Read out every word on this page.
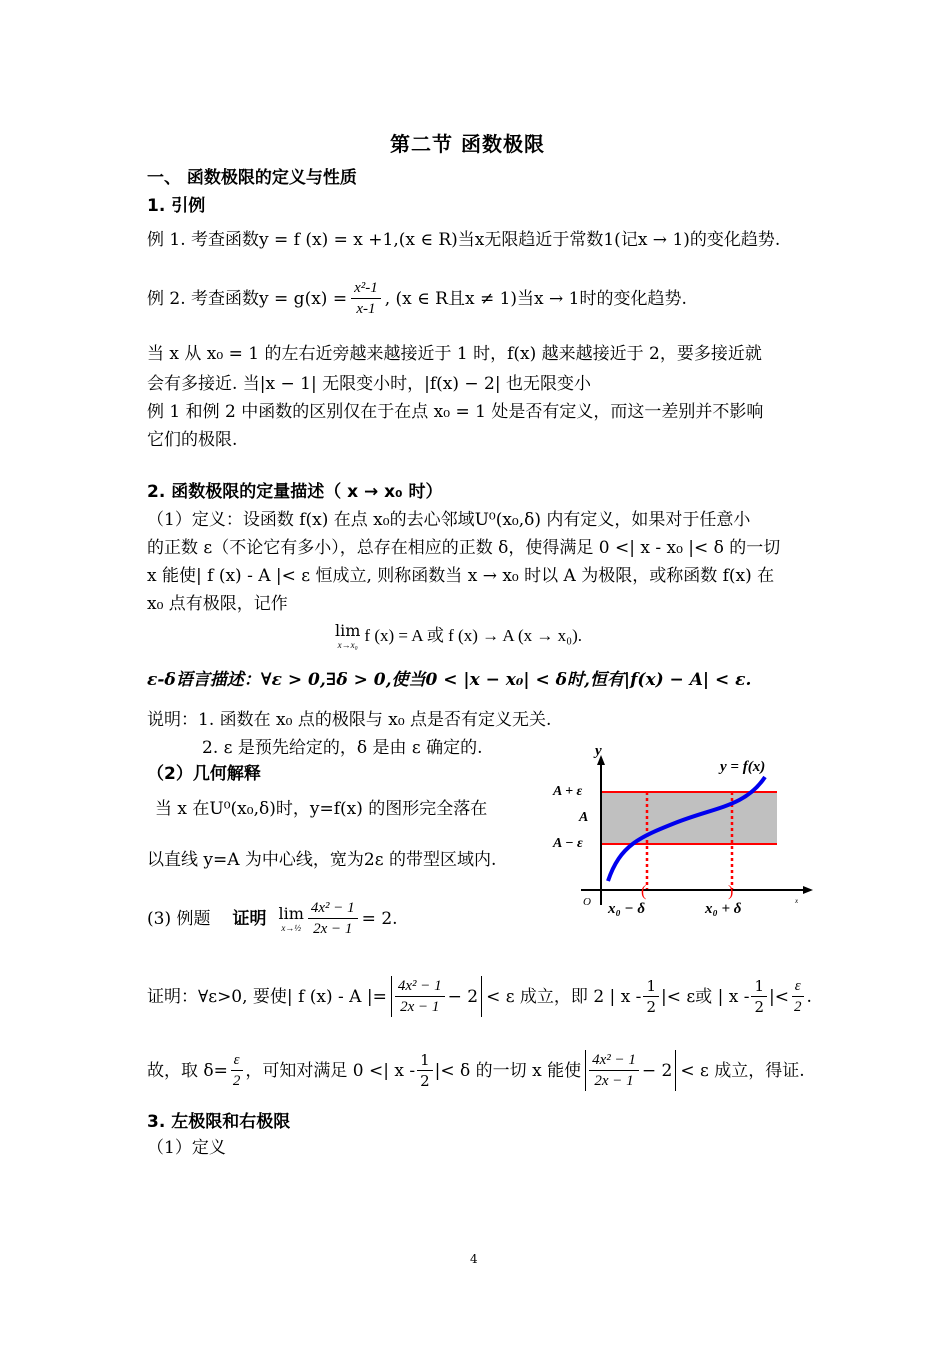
第二节 函数极限
一、 函数极限的定义与性质
1. 引例
例 1. 考查函数y = f (x) = x +1,(x ∈ R)当x无限趋近于常数1(记x → 1)的变化趋势.
例 2. 考查函数$y = g(x) = \frac{\text{x²-1}}{x-1}$ , (x ∈ R且x ≠ 1)当x → 1时的变化趋势.
当 x 从 x₀ = 1 的左右近旁越来越接近于 1 时，f(x) 越来越接近于 2，要多接近就
会有多接近. 当|x − 1| 无限变小时，|f(x) − 2| 也无限变小
例 1 和例 2 中函数的区别仅在于在点 x₀ = 1 处是否有定义，而这一差别并不影响
它们的极限.
2. 函数极限的定量描述（ x → x₀ 时）
（1）定义：设函数 f(x) 在点 x₀的去心邻域U⁰(x₀,δ) 内有定义，如果对于任意小
的正数 ε（不论它有多小），总存在相应的正数 δ，使得满足 0 <| x - x₀ |< δ 的一切
x 能使| f (x) - A |< ε 恒成立, 则称函数当 x → x₀ 时以 A 为极限，或称函数 f(x) 在
x₀ 点有极限，记作
lim
x→x₀ f (x) = A 或 f (x) → A (x → x₀).
ε-δ语言描述：∀ε > 0,∃δ > 0,使当0 < |x − x₀| < δ时,恒有|f(x) − A| < ε.
说明：1. 函数在 x₀ 点的极限与 x₀ 点是否有定义无关.
2. ε 是预先给定的，δ 是由 ε 确定的.
（2）几何解释
当 x 在U⁰(x₀,δ)时，y=f(x) 的图形完全落在
以直线 y=A 为中心线，宽为2ε 的带型区域内.
y
y = f(x)
A + ε
A
A − ε
O	x
(	)
x₀ − δ	x₀ + δ
(3) 例题 证明 lim
x→½ $\frac{\text{4x² − 1}}{2x - 1} = 2$.
证明：∀ε>0, 要使| f (x) - A |= $\frac{\text{4x² − 1}}{2x - 1} - 2 < \varepsilon$ 成立，即 2 | x - $\frac{1}{2}$ |< ε或 | x - $\frac{1}{2}$ |< $\frac{\varepsilon}{2}$ .
故，取 $\delta= \frac{\varepsilon}{2}$ ，可知对满足 0 <| x - $\frac{1}{2}$ |< δ 的一切 x 能使 $\frac{\text{4x² − 1}}{2x - 1} - 2 < \varepsilon$ 成立，得证.
3. 左极限和右极限
（1）定义
4
